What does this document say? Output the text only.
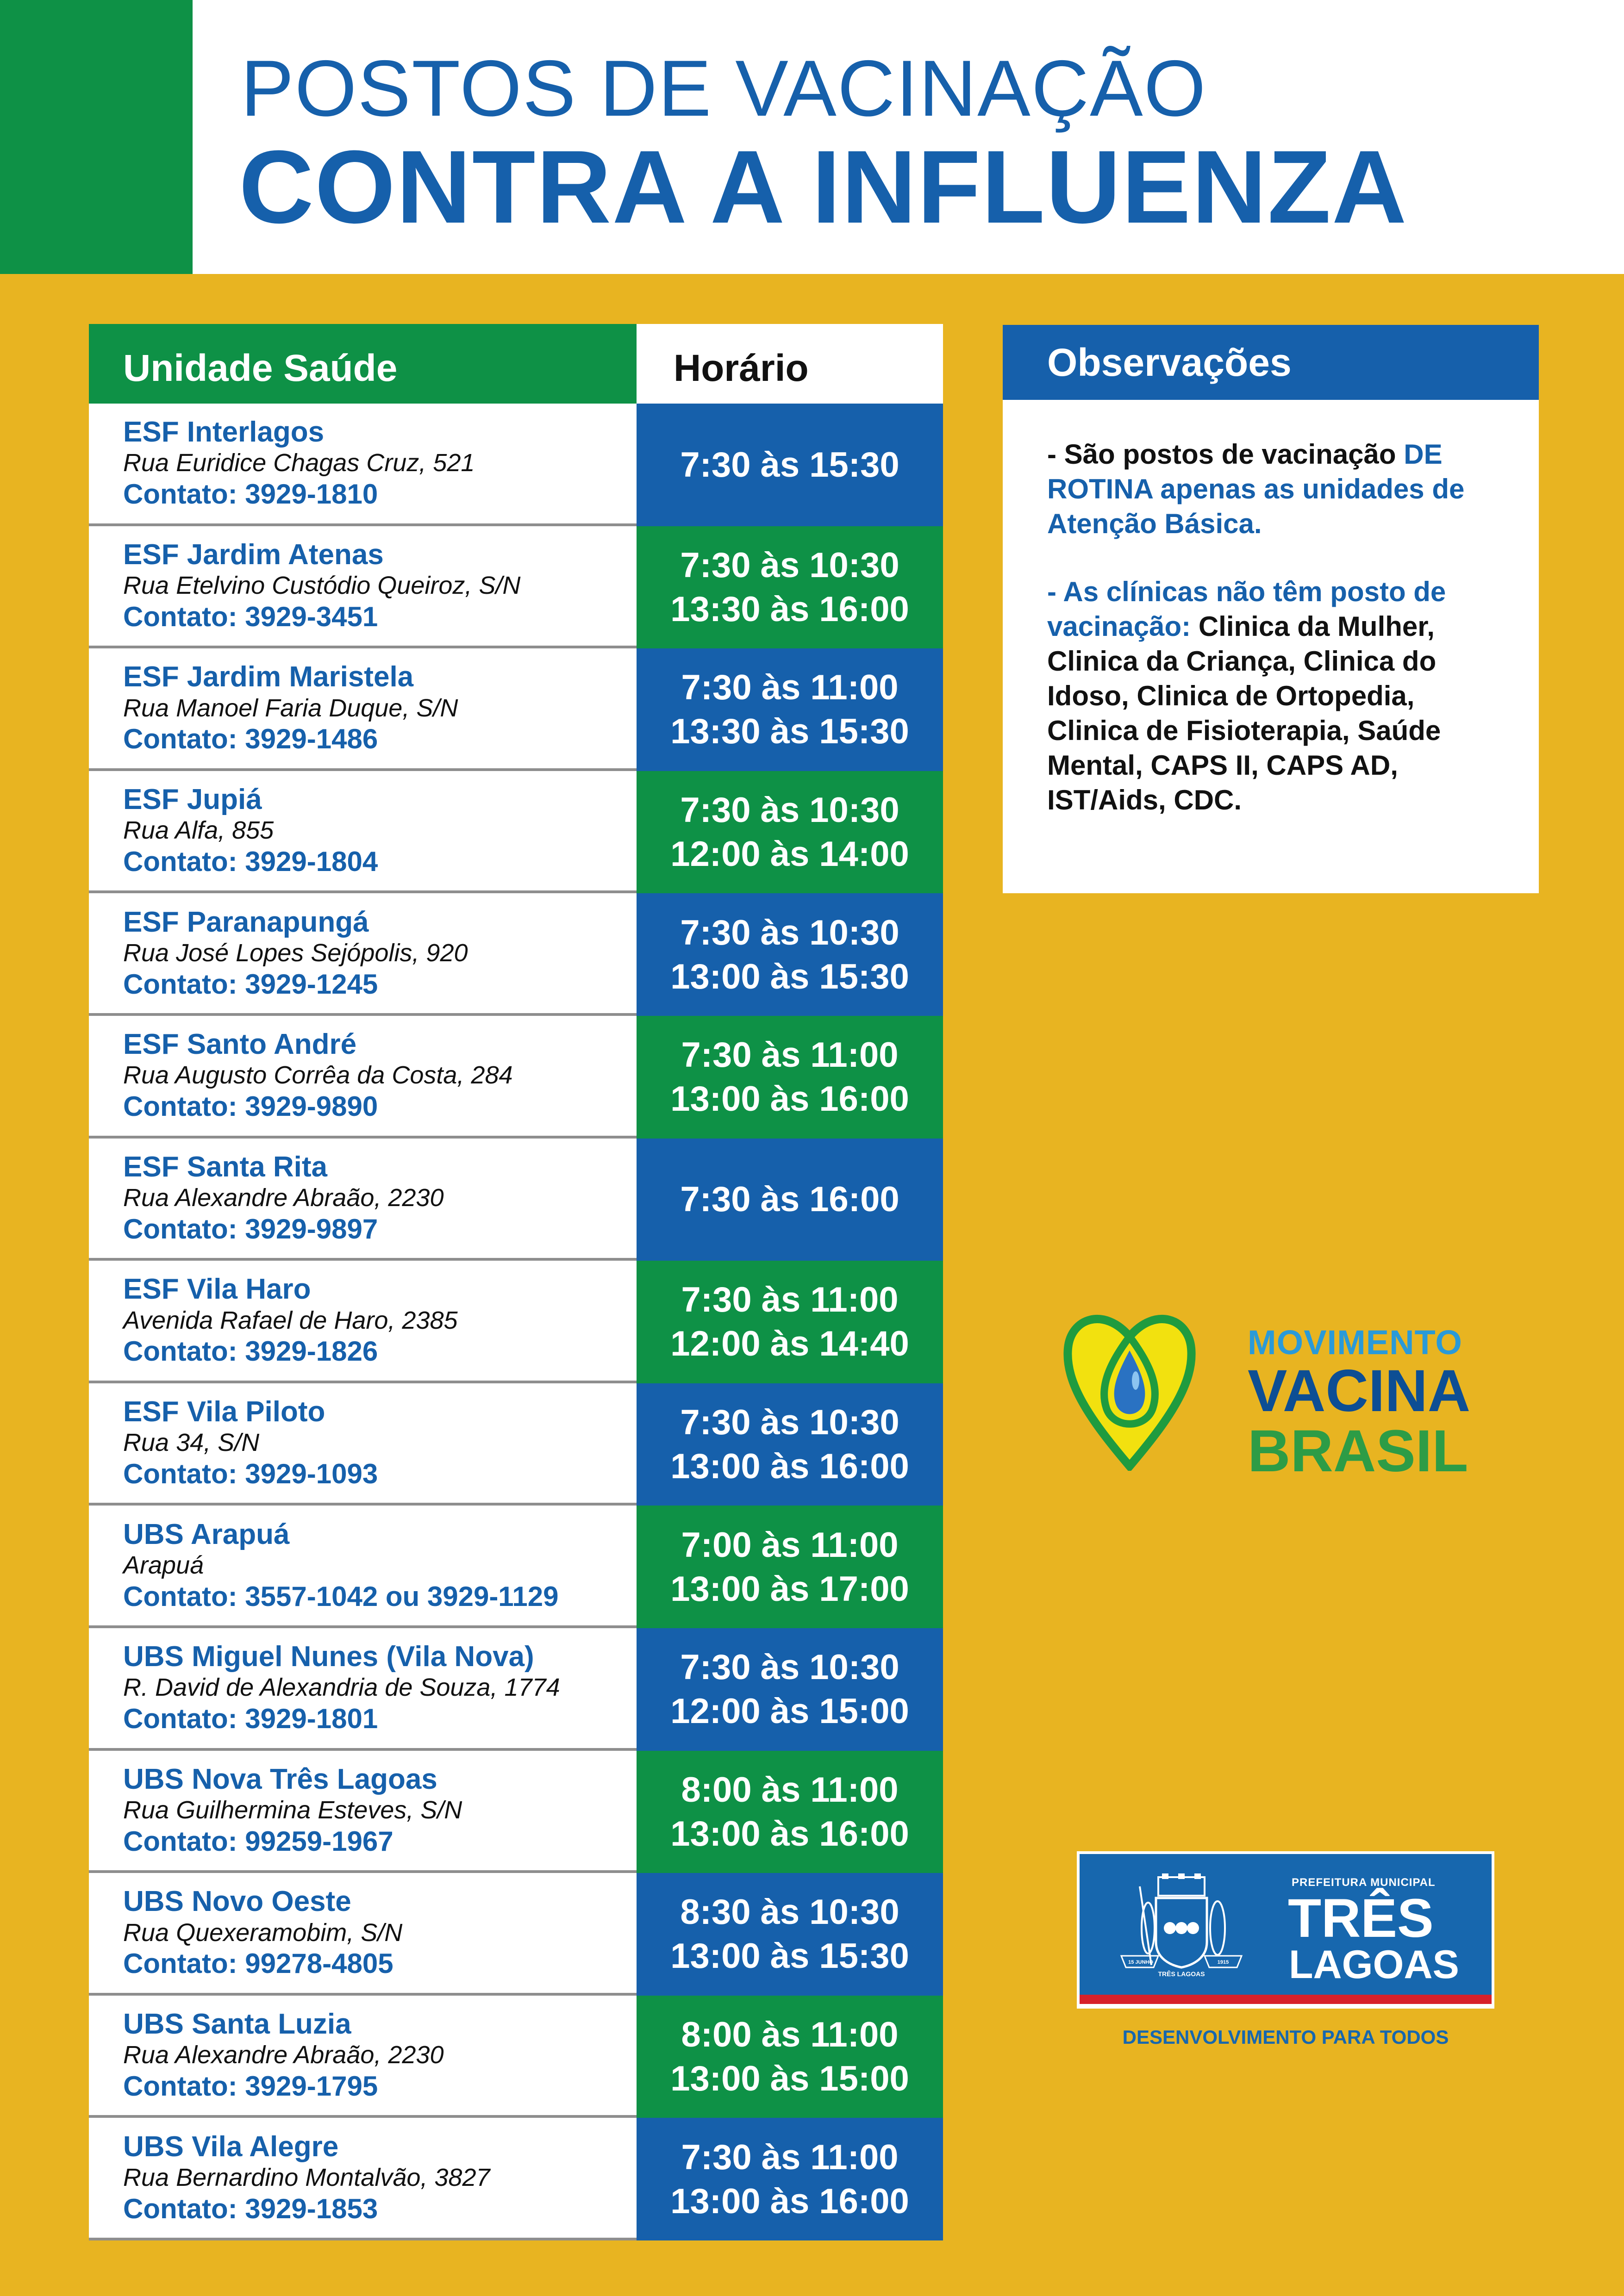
POSTOS DE VACINAÇÃO
CONTRA A INFLUENZA
Unidade Saúde	Horário
ESF Interlagos
Rua Euridice Chagas Cruz, 521
Contato: 3929-1810
7:30 às 15:30
ESF Jardim Atenas
Rua Etelvino Custódio Queiroz, S/N
Contato: 3929-3451
7:30 às 10:30
13:30 às 16:00
ESF Jardim Maristela
Rua Manoel Faria Duque, S/N
Contato: 3929-1486
7:30 às 11:00
13:30 às 15:30
ESF Jupiá
Rua Alfa, 855
Contato: 3929-1804
7:30 às 10:30
12:00 às 14:00
ESF Paranapungá
Rua José Lopes Sejópolis, 920
Contato: 3929-1245
7:30 às 10:30
13:00 às 15:30
ESF Santo André
Rua Augusto Corrêa da Costa, 284
Contato: 3929-9890
7:30 às 11:00
13:00 às 16:00
ESF Santa Rita
Rua Alexandre Abraão, 2230
Contato: 3929-9897
7:30 às 16:00
ESF Vila Haro
Avenida Rafael de Haro, 2385
Contato: 3929-1826
7:30 às 11:00
12:00 às 14:40
ESF Vila Piloto
Rua 34, S/N
Contato: 3929-1093
7:30 às 10:30
13:00 às 16:00
UBS Arapuá
Arapuá
Contato: 3557-1042 ou 3929-1129
7:00 às 11:00
13:00 às 17:00
UBS Miguel Nunes (Vila Nova)
R. David de Alexandria de Souza, 1774
Contato: 3929-1801
7:30 às 10:30
12:00 às 15:00
UBS Nova Três Lagoas
Rua Guilhermina Esteves, S/N
Contato: 99259-1967
8:00 às 11:00
13:00 às 16:00
UBS Novo Oeste
Rua Quexeramobim, S/N
Contato: 99278-4805
8:30 às 10:30
13:00 às 15:30
UBS Santa Luzia
Rua Alexandre Abraão, 2230
Contato: 3929-1795
8:00 às 11:00
13:00 às 15:00
UBS Vila Alegre
Rua Bernardino Montalvão, 3827
Contato: 3929-1853
7:30 às 11:00
13:00 às 16:00
Observações

- São postos de vacinação DE ROTINA apenas as unidades de Atenção Básica.

- As clínicas não têm posto de vacinação: Clinica da Mulher, Clinica da Criança, Clinica do Idoso, Clinica de Ortopedia, Clinica de Fisioterapia, Saúde Mental, CAPS II, CAPS AD, IST/Aids, CDC.

MOVIMENTO
VACINA
BRASIL
15 JUNHO
TRÊS LAGOAS
1915
PREFEITURA MUNICIPAL
TRÊS
LAGOAS
DESENVOLVIMENTO PARA TODOS
